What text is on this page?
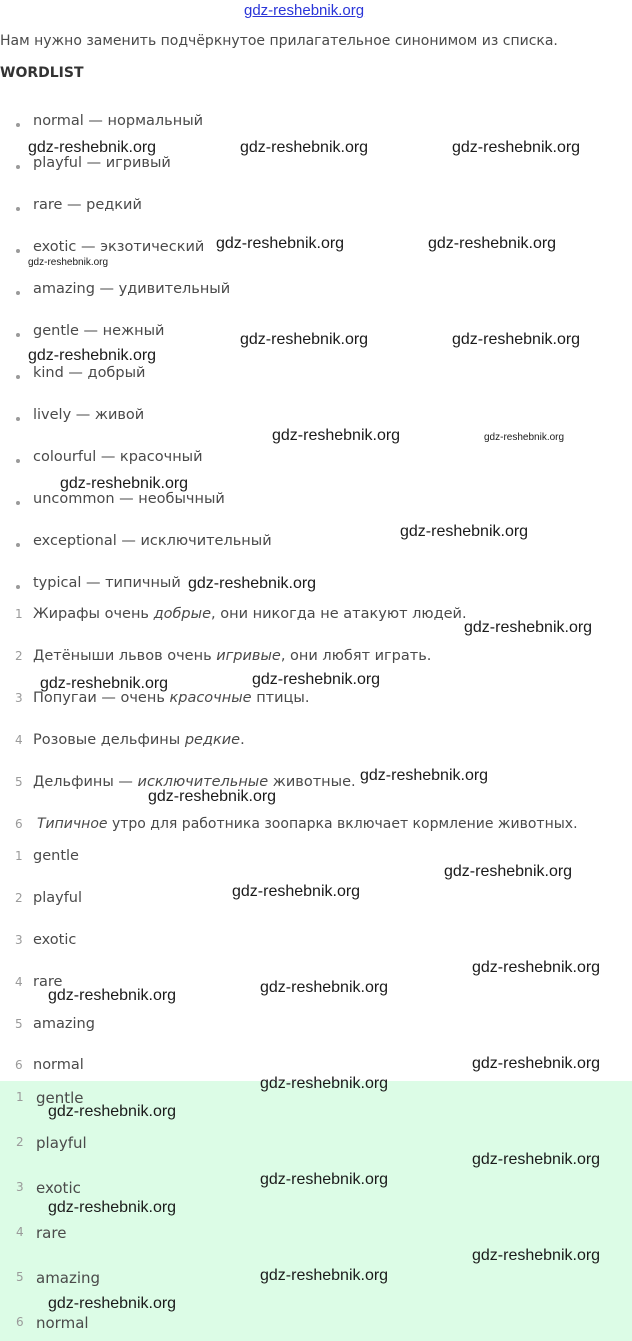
gdz-reshebnik.org
Нам нужно заменить подчёркнутое прилагательное синонимом из списка.
WORDLIST
normal — нормальный
playful — игривый
rare — редкий
exotic — экзотический
amazing — удивительный
gentle — нежный
kind — добрый
lively — живой
colourful — красочный
uncommon — необычный
exceptional — исключительный
typical — типичный
1 Жирафы очень добрые, они никогда не атакуют людей.
2 Детёныши львов очень игривые, они любят играть.
3 Попугаи — очень красочные птицы.
4 Розовые дельфины редкие.
5 Дельфины — исключительные животные.
6 Типичное утро для работника зоопарка включает кормление животных.
1 gentle
2 playful
3 exotic
4 rare
5 amazing
6 normal
1 gentle
2 playful
3 exotic
4 rare
5 amazing
6 normal
gdz-reshebnik.org	gdz-reshebnik.org	gdz-reshebnik.org
gdz-reshebnik.org	gdz-reshebnik.org
gdz-reshebnik.org
gdz-reshebnik.org	gdz-reshebnik.org
gdz-reshebnik.org
gdz-reshebnik.org	gdz-reshebnik.org
gdz-reshebnik.org
gdz-reshebnik.org
gdz-reshebnik.org
gdz-reshebnik.org
gdz-reshebnik.org
gdz-reshebnik.org
gdz-reshebnik.org
gdz-reshebnik.org
gdz-reshebnik.org
gdz-reshebnik.org
gdz-reshebnik.org
gdz-reshebnik.org
gdz-reshebnik.org
gdz-reshebnik.org
gdz-reshebnik.org
gdz-reshebnik.org
gdz-reshebnik.org
gdz-reshebnik.org
gdz-reshebnik.org
gdz-reshebnik.org
gdz-reshebnik.org
gdz-reshebnik.org
